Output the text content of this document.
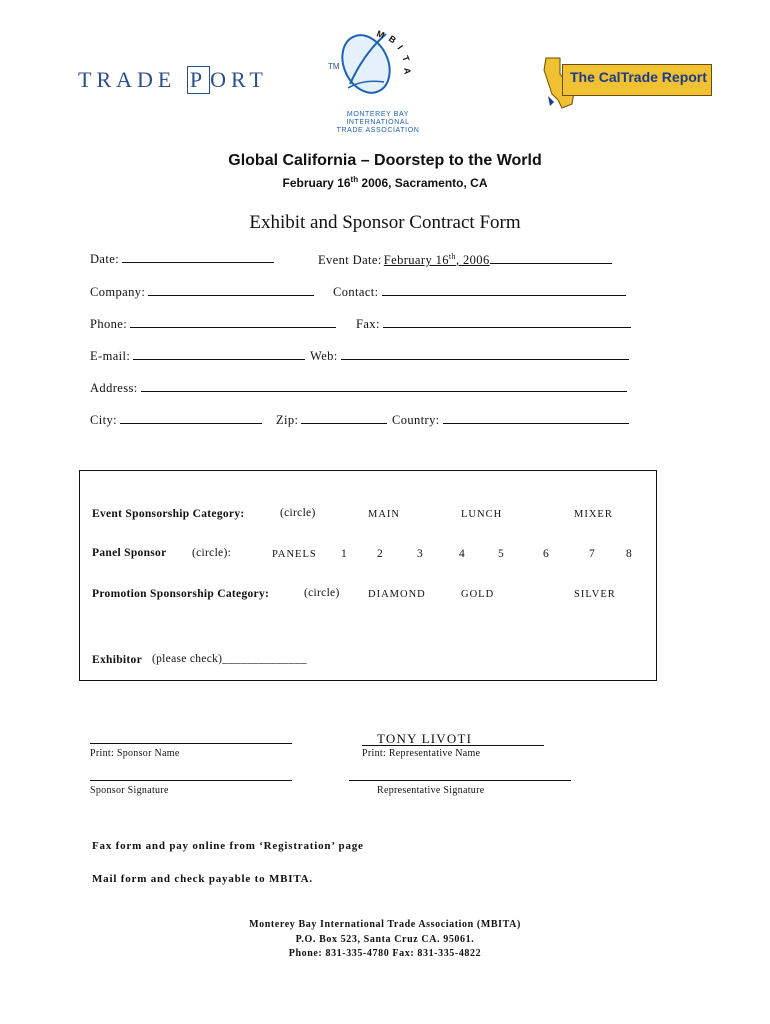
TRADE P ORT
TM
M B
I
T
A
MONTEREY BAY
INTERNATIONAL
TRADE ASSOCIATION
The CalTrade Report
Global California – Doorstep to the World
February 16th 2006, Sacramento, CA
Exhibit and Sponsor Contract Form
Date:	Event Date: February 16th, 2006
Company:	Contact:
Phone:	Fax:
E-mail:	Web:
Address:
City:	Zip:	Country:
Event Sponsorship Category:	(circle)	MAIN	LUNCH	MIXER
Panel Sponsor (circle):	PANELS 1	2	3	4	5	6	7	8
Promotion Sponsorship Category:	(circle)	DIAMOND	GOLD	SILVER
Exhibitor (please check)______________
Print: Sponsor Name
TONY LIVOTI
Print: Representative Name
Sponsor Signature	Representative Signature
Fax form and pay online from ‘Registration’ page
Mail form and check payable to MBITA.
Monterey Bay International Trade Association (MBITA)
P.O. Box 523, Santa Cruz CA. 95061.
Phone: 831-335-4780 Fax: 831-335-4822
